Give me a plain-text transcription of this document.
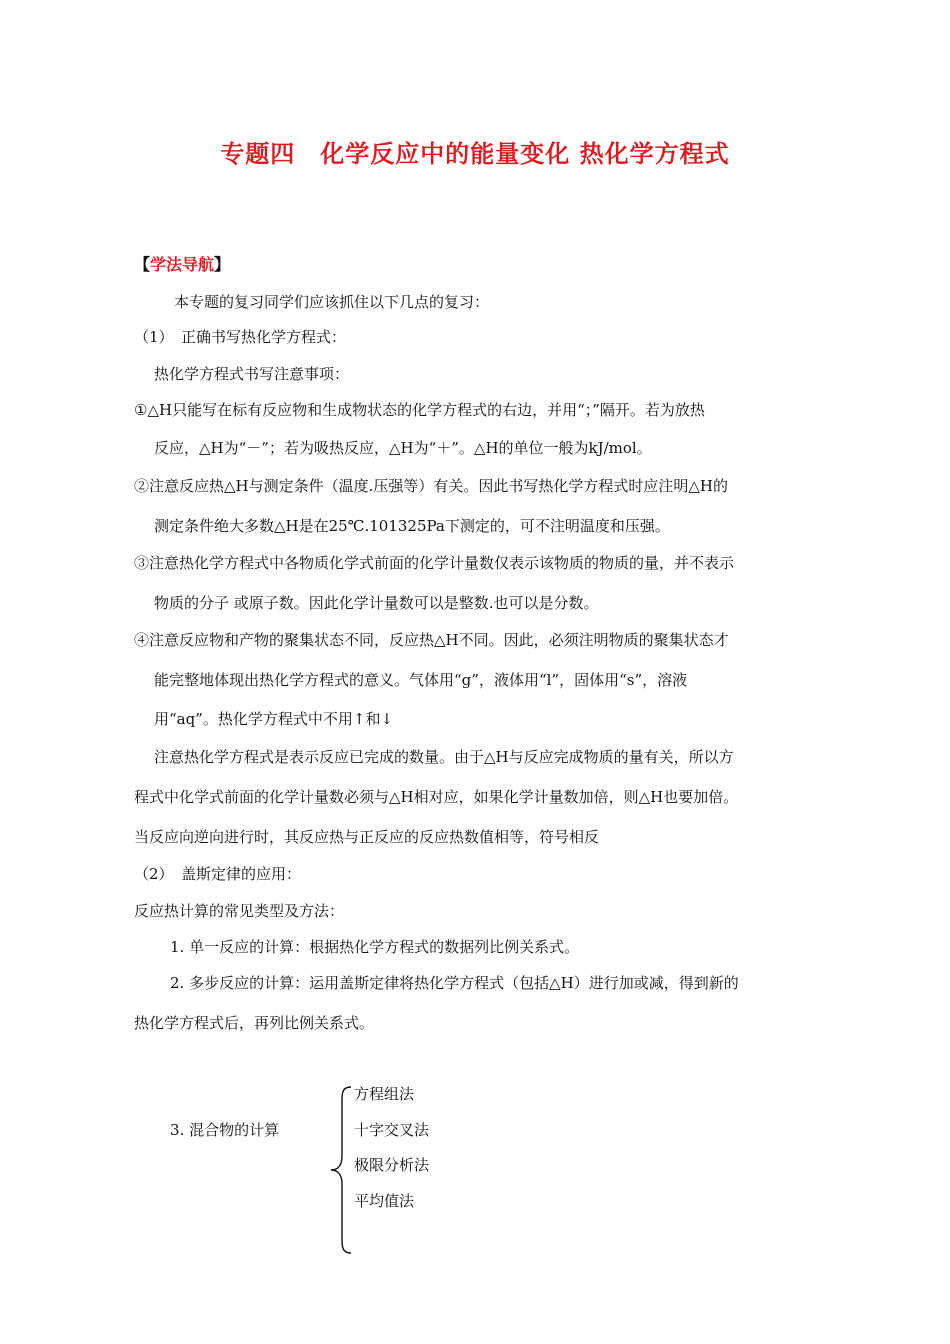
专题四　化学反应中的能量变化 热化学方程式
【学法导航】
本专题的复习同学们应该抓住以下几点的复习：
（1）　正确书写热化学方程式：
热化学方程式书写注意事项：
①△H只能写在标有反应物和生成物状态的化学方程式的右边，并用“；”隔开。若为放热
反应，△H为“－”；若为吸热反应，△H为“＋”。△H的单位一般为kJ/mol。
②注意反应热△H与测定条件（温度.压强等）有关。因此书写热化学方程式时应注明△H的
测定条件绝大多数△H是在25℃.101325Pa下测定的，可不注明温度和压强。
③注意热化学方程式中各物质化学式前面的化学计量数仅表示该物质的物质的量，并不表示
物质的分子 或原子数。因此化学计量数可以是整数.也可以是分数。
④注意反应物和产物的聚集状态不同，反应热△H不同。因此，必须注明物质的聚集状态才
能完整地体现出热化学方程式的意义。气体用“g”，液体用“l”，固体用“s”，溶液
用“aq”。热化学方程式中不用↑和↓
注意热化学方程式是表示反应已完成的数量。由于△H与反应完成物质的量有关，所以方
程式中化学式前面的化学计量数必须与△H相对应，如果化学计量数加倍，则△H也要加倍。
当反应向逆向进行时，其反应热与正反应的反应热数值相等，符号相反
（2）　盖斯定律的应用：
反应热计算的常见类型及方法：
1. 单一反应的计算：根据热化学方程式的数据列比例关系式。
2. 多步反应的计算：运用盖斯定律将热化学方程式（包括△H）进行加或减，得到新的
热化学方程式后，再列比例关系式。
3. 混合物的计算
方程组法
十字交叉法
极限分析法
平均值法
